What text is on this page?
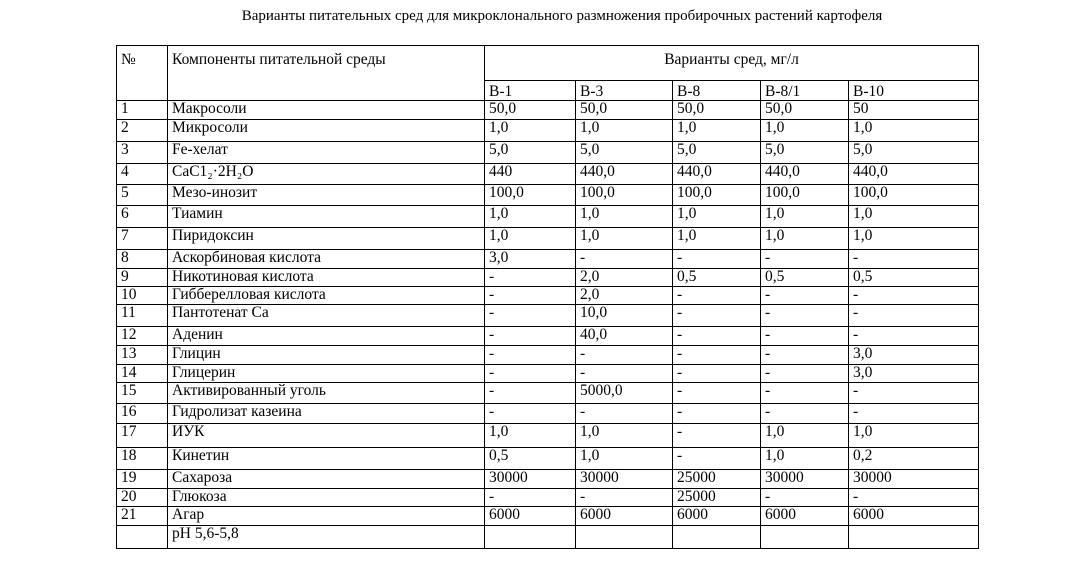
Варианты питательных сред для микроклонального размножения пробирочных растений картофеля
№	Компоненты питательной среды	Варианты сред, мг/л				
		В-1	В-3	В-8	В-8/1	В-10
1	Макросоли	50,0	50,0	50,0	50,0	50
2	Микросоли	1,0	1,0	1,0	1,0	1,0
3	Fe-хелат	5,0	5,0	5,0	5,0	5,0
4	CaC1₂·2H₂O	440	440,0	440,0	440,0	440,0
5	Мезо-инозит	100,0	100,0	100,0	100,0	100,0
6	Тиамин	1,0	1,0	1,0	1,0	1,0
7	Пиридоксин	1,0	1,0	1,0	1,0	1,0
8	Аскорбиновая кислота	3,0	-	-	-	-
9	Никотиновая кислота	-	2,0	0,5	0,5	0,5
10	Гиббереллoвая кислота	-	2,0	-	-	-
11	Пантотенат Са	-	10,0	-	-	-
12	Аденин	-	40,0	-	-	-
13	Глицин	-	-	-	-	3,0
14	Глицерин	-	-	-	-	3,0
15	Активированный уголь	-	5000,0	-	-	-
16	Гидролизат казеина	-	-	-	-	-
17	ИУК	1,0	1,0	-	1,0	1,0
18	Кинетин	0,5	1,0	-	1,0	0,2
19	Сахароза	30000	30000	25000	30000	30000
20	Глюкоза	-	-	25000	-	-
21	Агар	6000	6000	6000	6000	6000
	pH 5,6-5,8					
